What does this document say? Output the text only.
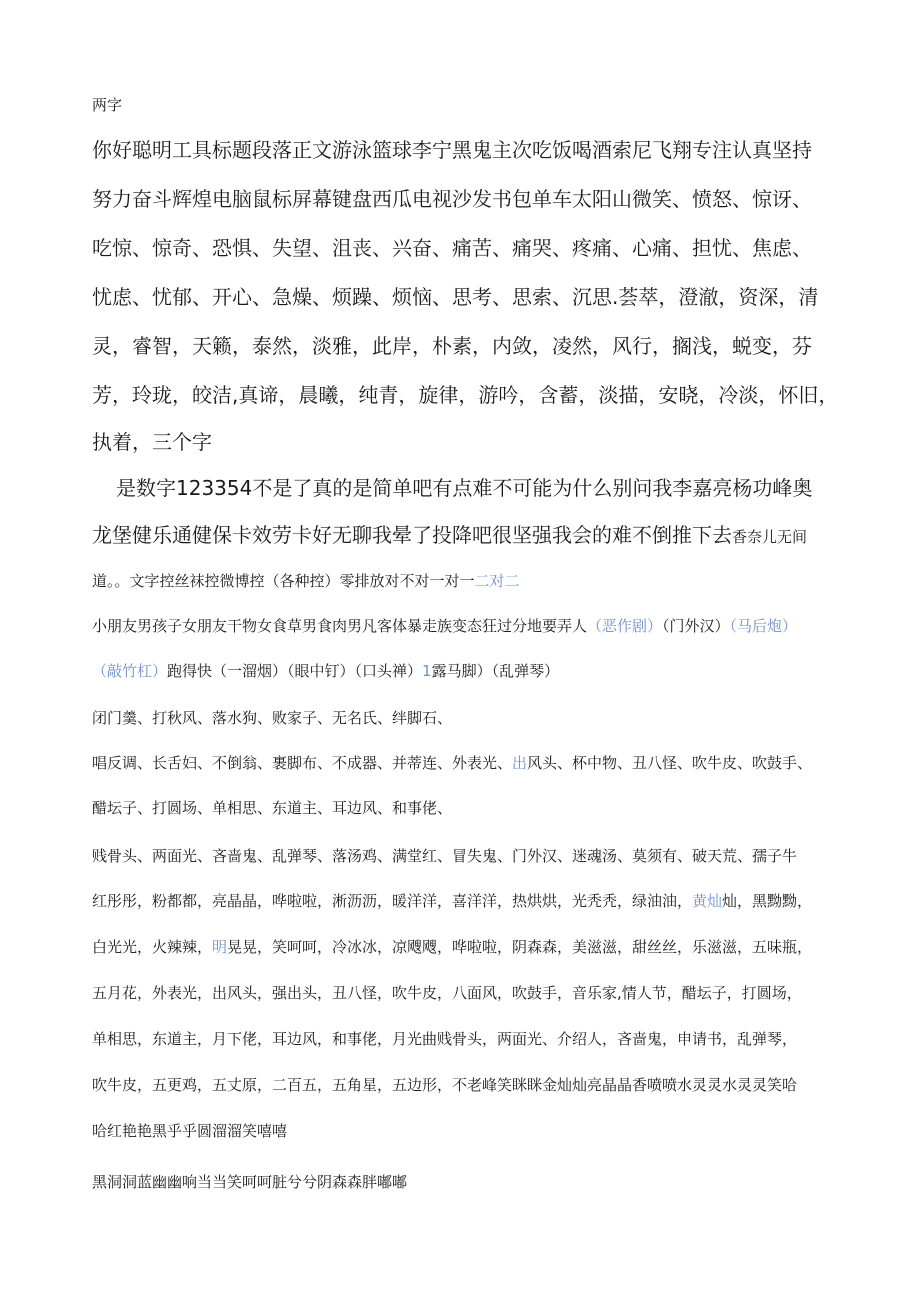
两字
你好聪明工具标题段落正文游泳篮球李宁黑鬼主次吃饭喝酒索尼飞翔专注认真坚持
努力奋斗辉煌电脑鼠标屏幕键盘西瓜电视沙发书包单车太阳山微笑、愤怒、惊讶、
吃惊、惊奇、恐惧、失望、沮丧、兴奋、痛苦、痛哭、疼痛、心痛、担忧、焦虑、
忧虑、忧郁、开心、急燥、烦躁、烦恼、思考、思索、沉思.荟萃，澄澈，资深，清
灵，睿智，天籁，泰然，淡雅，此岸，朴素，内敛，凌然，风行，搁浅，蜕变，芬
芳，玲珑，皎洁,真谛，晨曦，纯青，旋律，游吟，含蓄，淡描，安晓，冷淡，怀旧，
执着，三个字
是数字123354不是了真的是简单吧有点难不可能为什么别问我李嘉亮杨功峰奥
龙堡健乐通健保卡效劳卡好无聊我晕了投降吧很坚强我会的难不倒推下去香奈儿无间
道。。文字控丝袜控微博控（各种控）零排放对不对一对一二对二
小朋友男孩子女朋友干物女食草男食肉男凡客体暴走族变态狂过分地要弄人（恶作剧）（门外汉）（马后炮）
（敲竹杠）跑得快（一溜烟）（眼中钉）（口头禅）1露马脚）（乱弹琴）
闭门羹、打秋风、落水狗、败家子、无名氏、绊脚石、
唱反调、长舌妇、不倒翁、裹脚布、不成器、并蒂连、外表光、出风头、杯中物、丑八怪、吹牛皮、吹鼓手、
醋坛子、打圆场、单相思、东道主、耳边风、和事佬、
贱骨头、两面光、吝啬鬼、乱弹琴、落汤鸡、满堂红、冒失鬼、门外汉、迷魂汤、莫须有、破天荒、孺子牛
红彤彤，粉都都，亮晶晶，哗啦啦，淅沥沥，暖洋洋，喜洋洋，热烘烘，光秃秃，绿油油，黄灿灿，黑黝黝，
白光光，火辣辣，明晃晃，笑呵呵，冷冰冰，凉飕飕，哗啦啦，阴森森，美滋滋，甜丝丝，乐滋滋，五味瓶，
五月花，外表光，出风头，强出头，丑八怪，吹牛皮，八面风，吹鼓手，音乐家,情人节，醋坛子，打圆场，
单相思，东道主，月下佬，耳边风，和事佬，月光曲贱骨头，两面光、介绍人，吝啬鬼，申请书，乱弹琴，
吹牛皮，五更鸡，五丈原，二百五，五角星，五边形，不老峰笑眯眯金灿灿亮晶晶香喷喷水灵灵水灵灵笑哈
哈红艳艳黑乎乎圆溜溜笑嘻嘻
黑洞洞蓝幽幽响当当笑呵呵脏兮兮阴森森胖嘟嘟
